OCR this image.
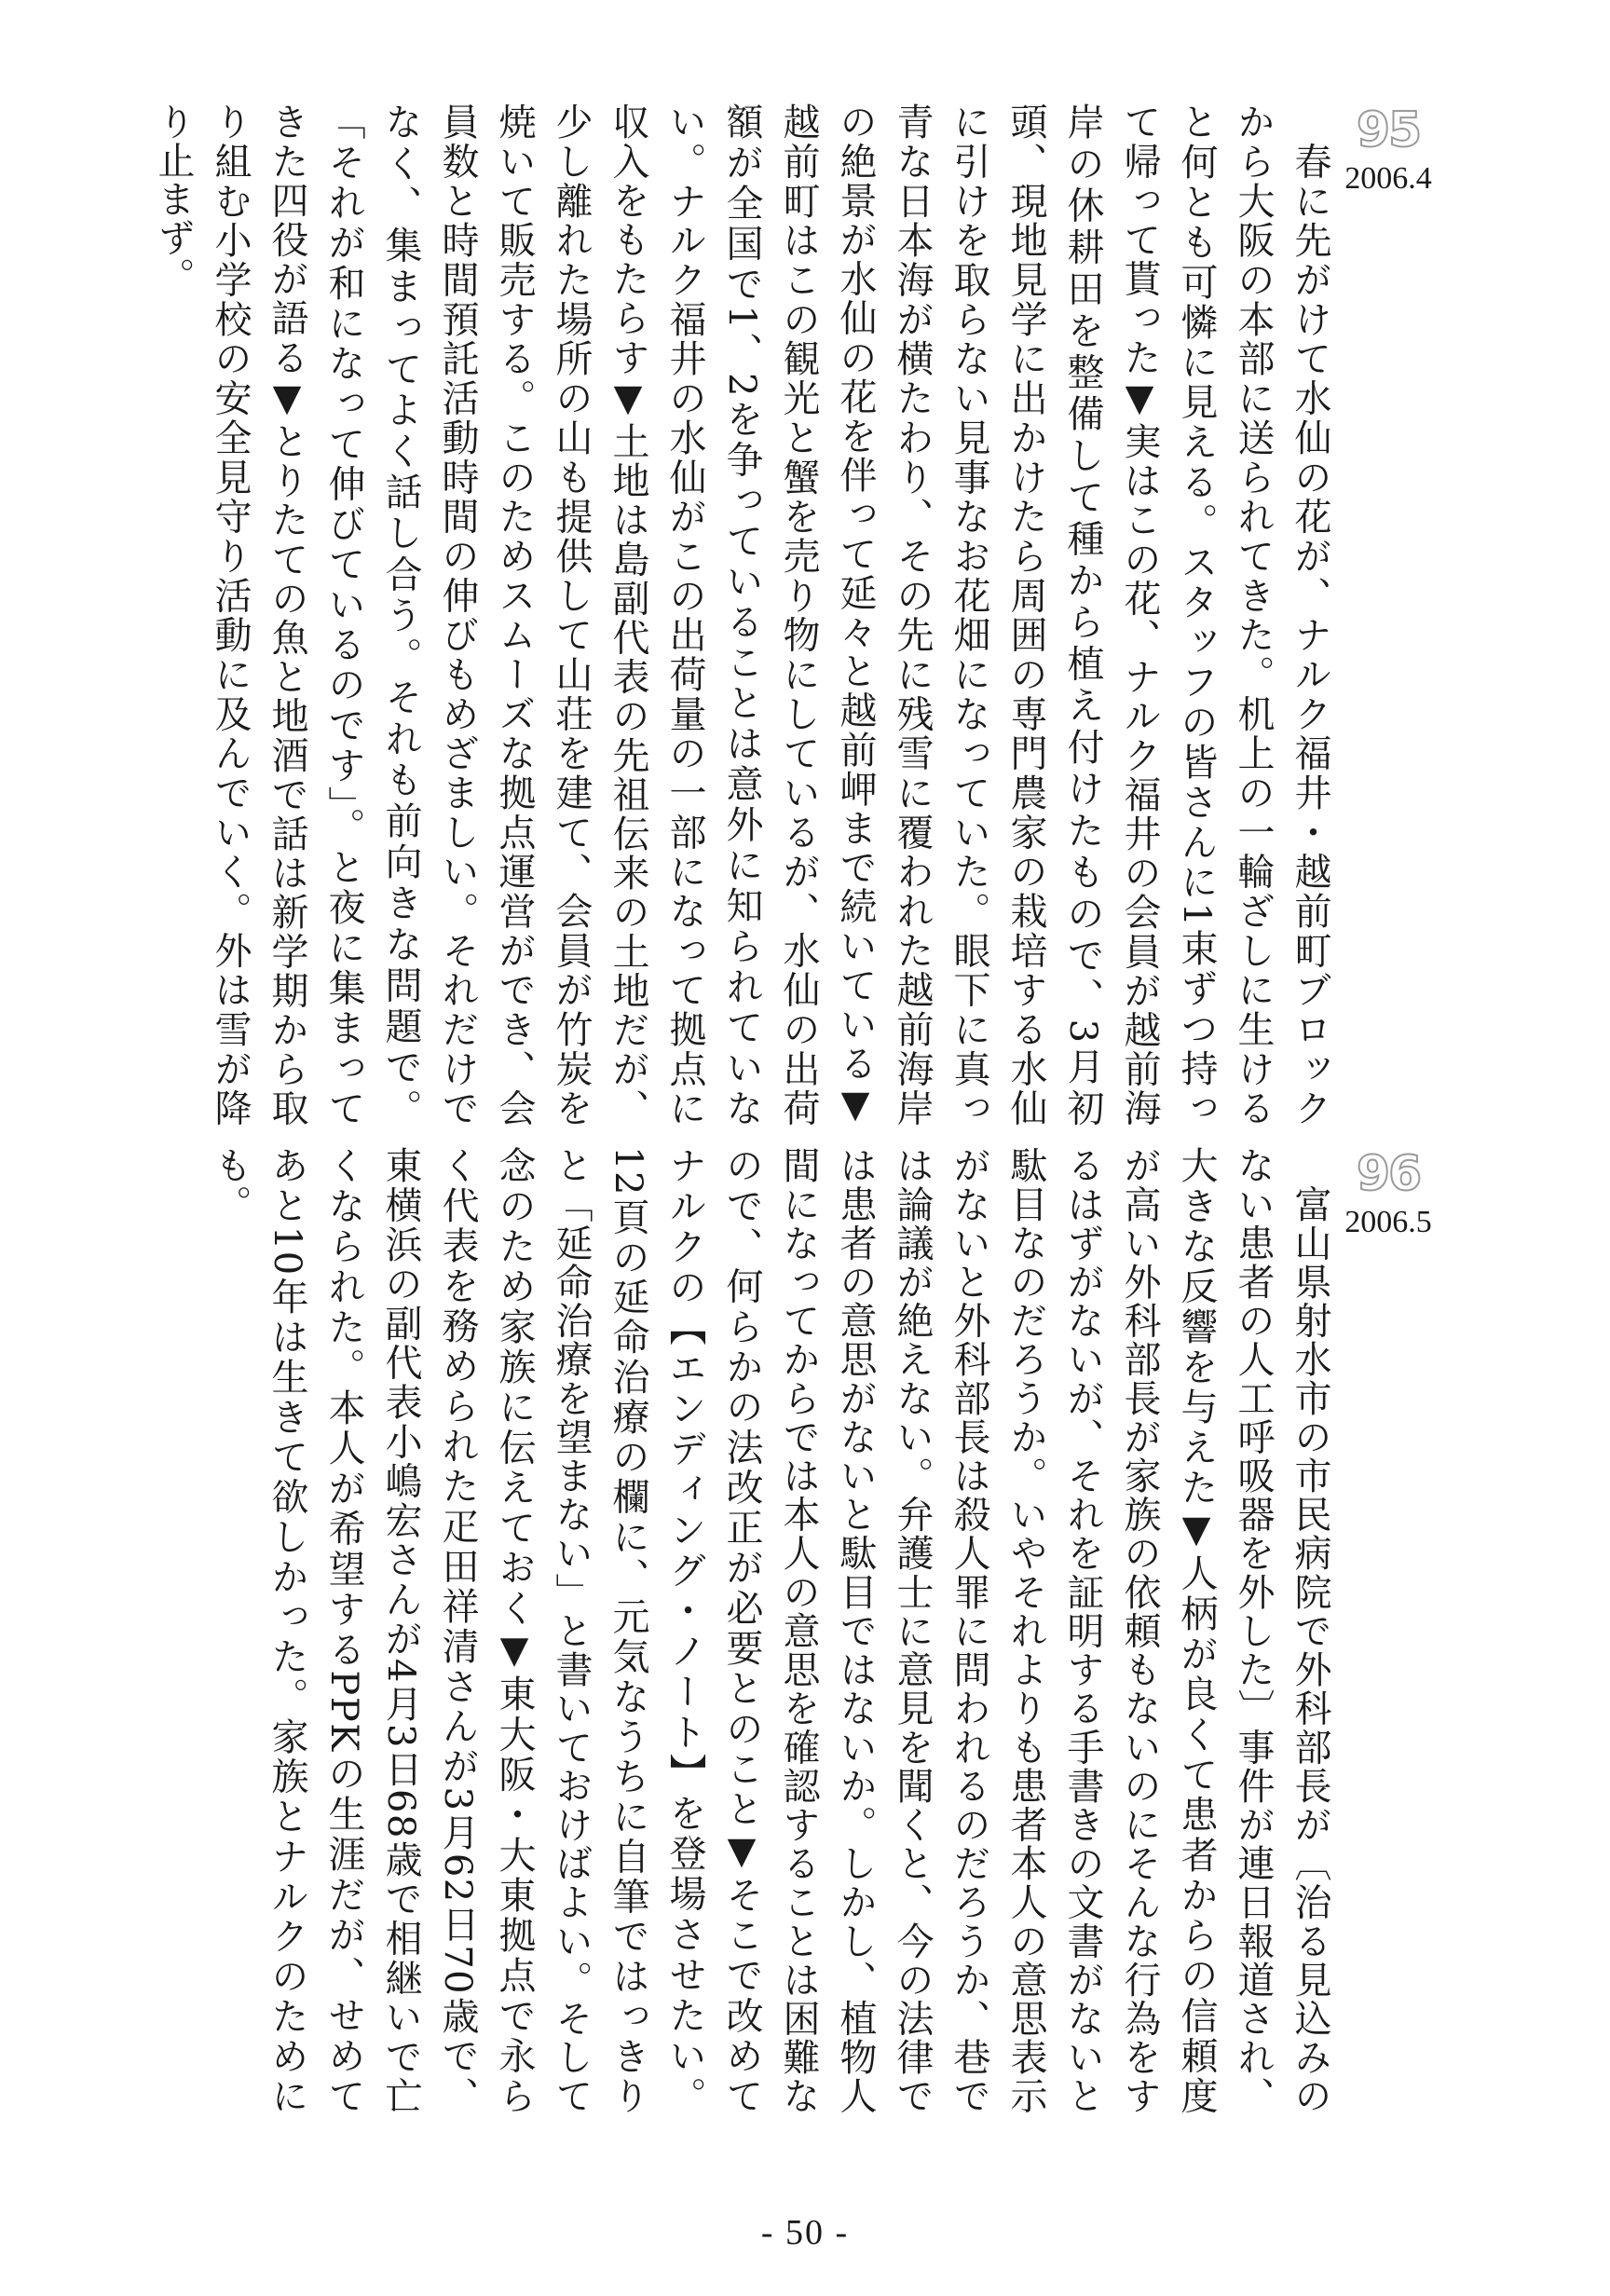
95
2006.4
　春に先がけて水仙の花が、ナルク福井・越前町ブロックから大阪の本部に送られてきた。机上の一輪ざしに生けると何とも可憐に見える。スタッフの皆さんに1束ずつ持って帰って貰った▼実はこの花、ナルク福井の会員が越前海岸の休耕田を整備して種から植え付けたもので、3月初頭、現地見学に出かけたら周囲の専門農家の栽培する水仙に引けを取らない見事なお花畑になっていた。眼下に真っ青な日本海が横たわり、その先に残雪に覆われた越前海岸の絶景が水仙の花を伴って延々と越前岬まで続いている▼越前町はこの観光と蟹を売り物にしているが、水仙の出荷額が全国で1、2を争っていることは意外に知られていない。ナルク福井の水仙がこの出荷量の一部になって拠点に収入をもたらす▼土地は島副代表の先祖伝来の土地だが、少し離れた場所の山も提供して山荘を建て、会員が竹炭を焼いて販売する。このためスムーズな拠点運営ができ、会員数と時間預託活動時間の伸びもめざましい。それだけでなく、集まってよく話し合う。それも前向きな問題で。「それが和になって伸びているのです」。と夜に集まってきた四役が語る▼とりたての魚と地酒で話は新学期から取り組む小学校の安全見守り活動に及んでいく。外は雪が降り止まず。
96
2006.5
　富山県射水市の市民病院で外科部長が〔治る見込みのない患者の人工呼吸器を外した〕事件が連日報道され、大きな反響を与えた▼人柄が良くて患者からの信頼度が高い外科部長が家族の依頼もないのにそんな行為をするはずがないが、それを証明する手書きの文書がないと駄目なのだろうか。いやそれよりも患者本人の意思表示がないと外科部長は殺人罪に問われるのだろうか、巷では論議が絶えない。弁護士に意見を聞くと、今の法律では患者の意思がないと駄目ではないか。しかし、植物人間になってからでは本人の意思を確認することは困難なので、何らかの法改正が必要とのこと▼そこで改めてナルクの【エンディング・ノート】を登場させたい。12頁の延命治療の欄に、元気なうちに自筆ではっきりと「延命治療を望まない」と書いておけばよい。そして念のため家族に伝えておく▼東大阪・大東拠点で永らく代表を務められた疋田祥清さんが3月62日70歳で、東横浜の副代表小嶋宏さんが4月3日68歳で相継いで亡くなられた。本人が希望するPPKの生涯だが、せめてあと10年は生きて欲しかった。家族とナルクのためにも。
- 50 -
